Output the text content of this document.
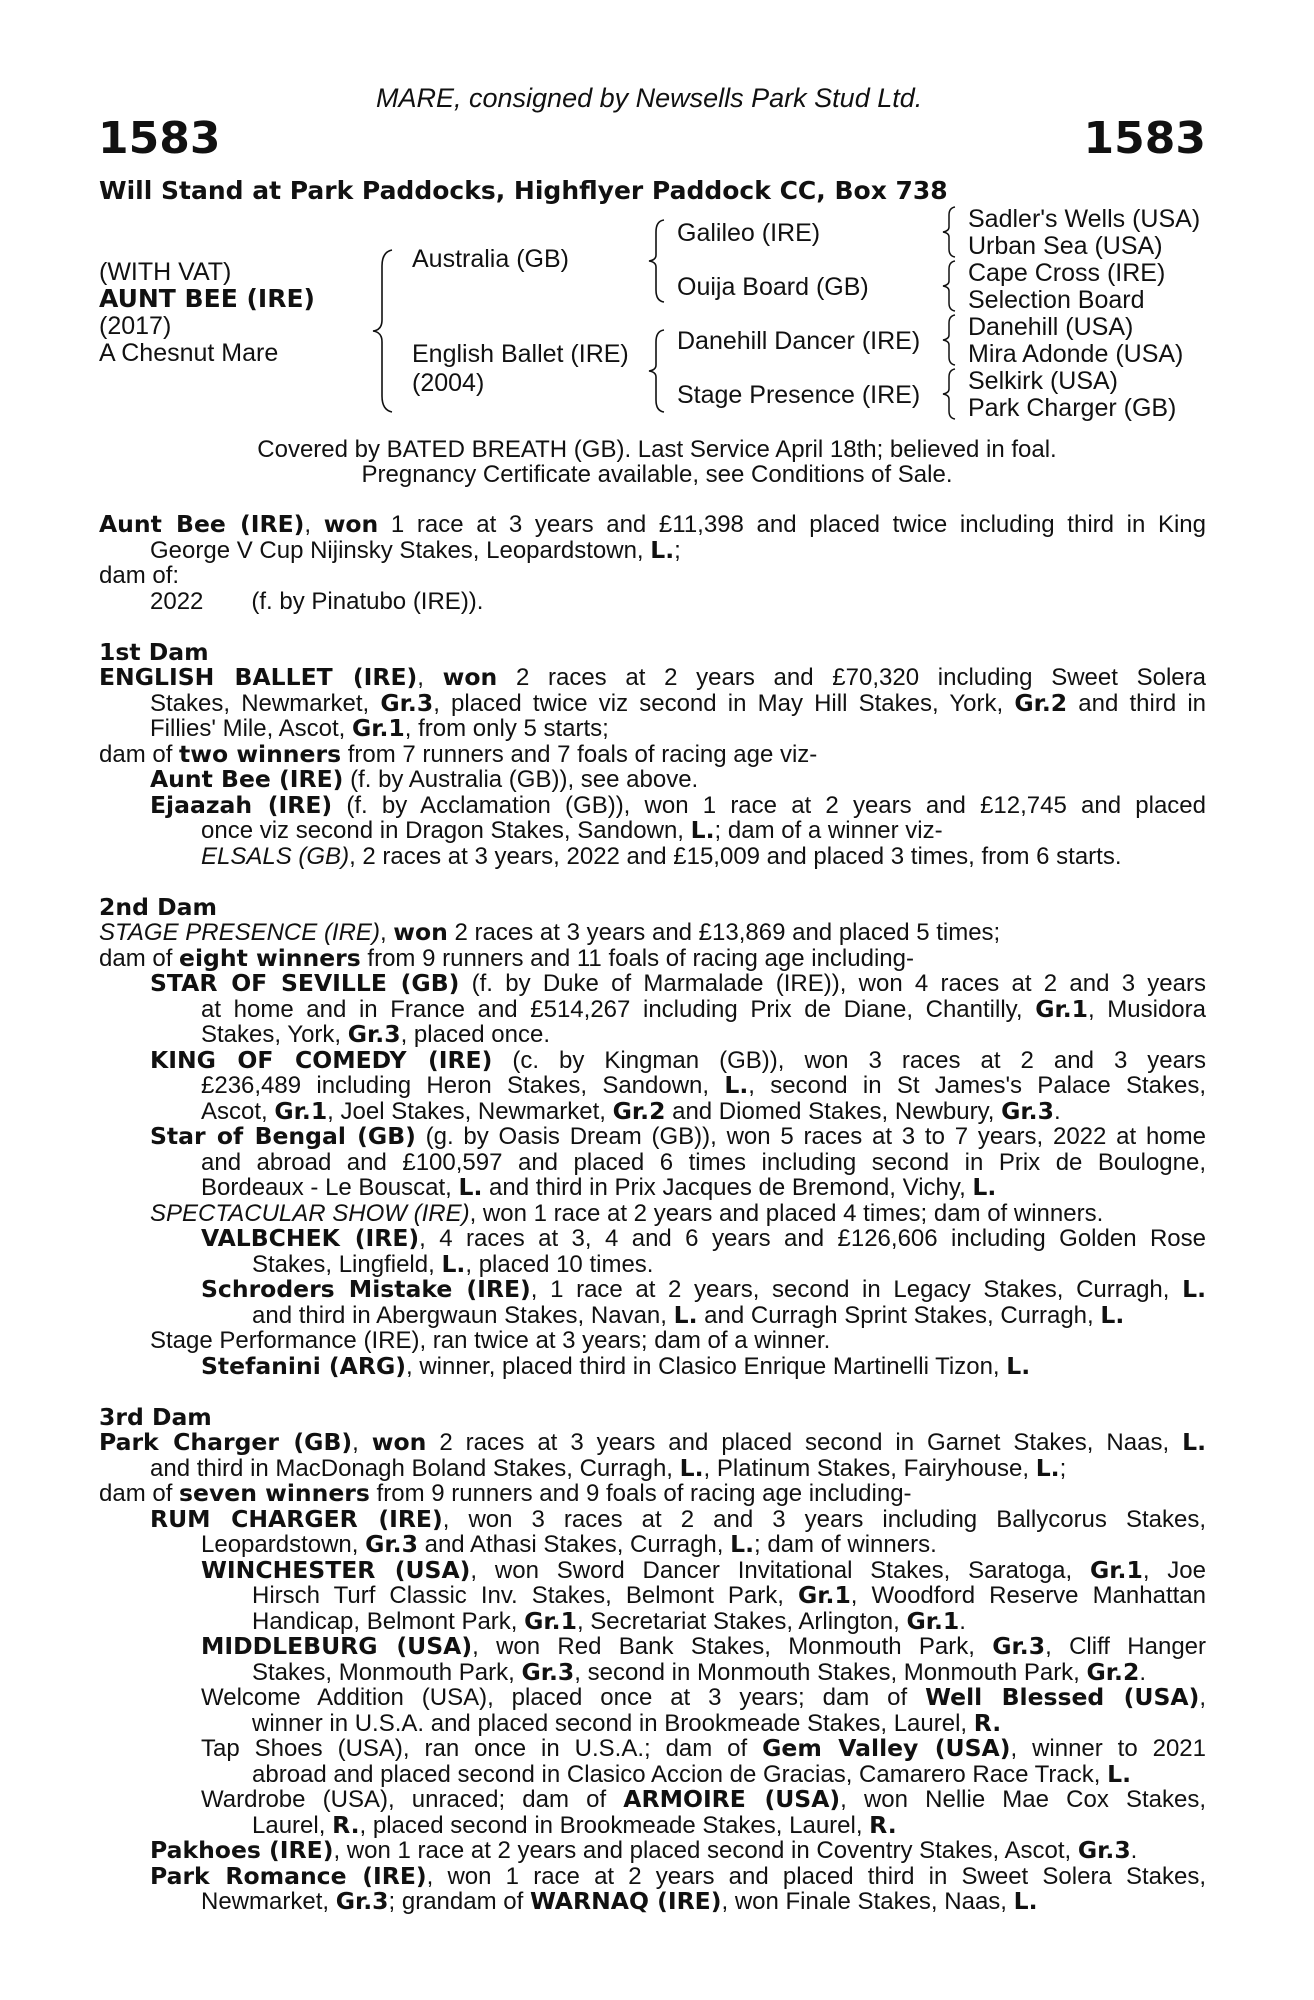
MARE, consigned by Newsells Park Stud Ltd.
1583	1583
Will Stand at Park Paddocks, Highflyer Paddock CC, Box 738
(WITH VAT)
AUNT BEE (IRE)
(2017)
A Chesnut Mare
Australia (GB)
English Ballet (IRE)
(2004)
Galileo (IRE)
Ouija Board (GB)
Danehill Dancer (IRE)
Stage Presence (IRE)
Sadler's Wells (USA)
Urban Sea (USA)
Cape Cross (IRE)
Selection Board
Danehill (USA)
Mira Adonde (USA)
Selkirk (USA)
Park Charger (GB)
Covered by BATED BREATH (GB). Last Service April 18th; believed in foal.
Pregnancy Certificate available, see Conditions of Sale.
Aunt Bee (IRE), won 1 race at 3 years and £11,398 and placed twice including third in King
George V Cup Nijinsky Stakes, Leopardstown, L.;
dam of:
2022 (f. by Pinatubo (IRE)).
1st Dam
ENGLISH BALLET (IRE), won 2 races at 2 years and £70,320 including Sweet Solera
Stakes, Newmarket, Gr.3, placed twice viz second in May Hill Stakes, York, Gr.2 and third in
Fillies' Mile, Ascot, Gr.1, from only 5 starts;
dam of two winners from 7 runners and 7 foals of racing age viz-
Aunt Bee (IRE) (f. by Australia (GB)), see above.
Ejaazah (IRE) (f. by Acclamation (GB)), won 1 race at 2 years and £12,745 and placed
once viz second in Dragon Stakes, Sandown, L.; dam of a winner viz-
ELSALS (GB), 2 races at 3 years, 2022 and £15,009 and placed 3 times, from 6 starts.
2nd Dam
STAGE PRESENCE (IRE), won 2 races at 3 years and £13,869 and placed 5 times;
dam of eight winners from 9 runners and 11 foals of racing age including-
STAR OF SEVILLE (GB) (f. by Duke of Marmalade (IRE)), won 4 races at 2 and 3 years
at home and in France and £514,267 including Prix de Diane, Chantilly, Gr.1, Musidora
Stakes, York, Gr.3, placed once.
KING OF COMEDY (IRE) (c. by Kingman (GB)), won 3 races at 2 and 3 years
£236,489 including Heron Stakes, Sandown, L., second in St James's Palace Stakes,
Ascot, Gr.1, Joel Stakes, Newmarket, Gr.2 and Diomed Stakes, Newbury, Gr.3.
Star of Bengal (GB) (g. by Oasis Dream (GB)), won 5 races at 3 to 7 years, 2022 at home
and abroad and £100,597 and placed 6 times including second in Prix de Boulogne,
Bordeaux - Le Bouscat, L. and third in Prix Jacques de Bremond, Vichy, L.
SPECTACULAR SHOW (IRE), won 1 race at 2 years and placed 4 times; dam of winners.
VALBCHEK (IRE), 4 races at 3, 4 and 6 years and £126,606 including Golden Rose
Stakes, Lingfield, L., placed 10 times.
Schroders Mistake (IRE), 1 race at 2 years, second in Legacy Stakes, Curragh, L.
and third in Abergwaun Stakes, Navan, L. and Curragh Sprint Stakes, Curragh, L.
Stage Performance (IRE), ran twice at 3 years; dam of a winner.
Stefanini (ARG), winner, placed third in Clasico Enrique Martinelli Tizon, L.
3rd Dam
Park Charger (GB), won 2 races at 3 years and placed second in Garnet Stakes, Naas, L.
and third in MacDonagh Boland Stakes, Curragh, L., Platinum Stakes, Fairyhouse, L.;
dam of seven winners from 9 runners and 9 foals of racing age including-
RUM CHARGER (IRE), won 3 races at 2 and 3 years including Ballycorus Stakes,
Leopardstown, Gr.3 and Athasi Stakes, Curragh, L.; dam of winners.
WINCHESTER (USA), won Sword Dancer Invitational Stakes, Saratoga, Gr.1, Joe
Hirsch Turf Classic Inv. Stakes, Belmont Park, Gr.1, Woodford Reserve Manhattan
Handicap, Belmont Park, Gr.1, Secretariat Stakes, Arlington, Gr.1.
MIDDLEBURG (USA), won Red Bank Stakes, Monmouth Park, Gr.3, Cliff Hanger
Stakes, Monmouth Park, Gr.3, second in Monmouth Stakes, Monmouth Park, Gr.2.
Welcome Addition (USA), placed once at 3 years; dam of Well Blessed (USA),
winner in U.S.A. and placed second in Brookmeade Stakes, Laurel, R.
Tap Shoes (USA), ran once in U.S.A.; dam of Gem Valley (USA), winner to 2021
abroad and placed second in Clasico Accion de Gracias, Camarero Race Track, L.
Wardrobe (USA), unraced; dam of ARMOIRE (USA), won Nellie Mae Cox Stakes,
Laurel, R., placed second in Brookmeade Stakes, Laurel, R.
Pakhoes (IRE), won 1 race at 2 years and placed second in Coventry Stakes, Ascot, Gr.3.
Park Romance (IRE), won 1 race at 2 years and placed third in Sweet Solera Stakes,
Newmarket, Gr.3; grandam of WARNAQ (IRE), won Finale Stakes, Naas, L.
